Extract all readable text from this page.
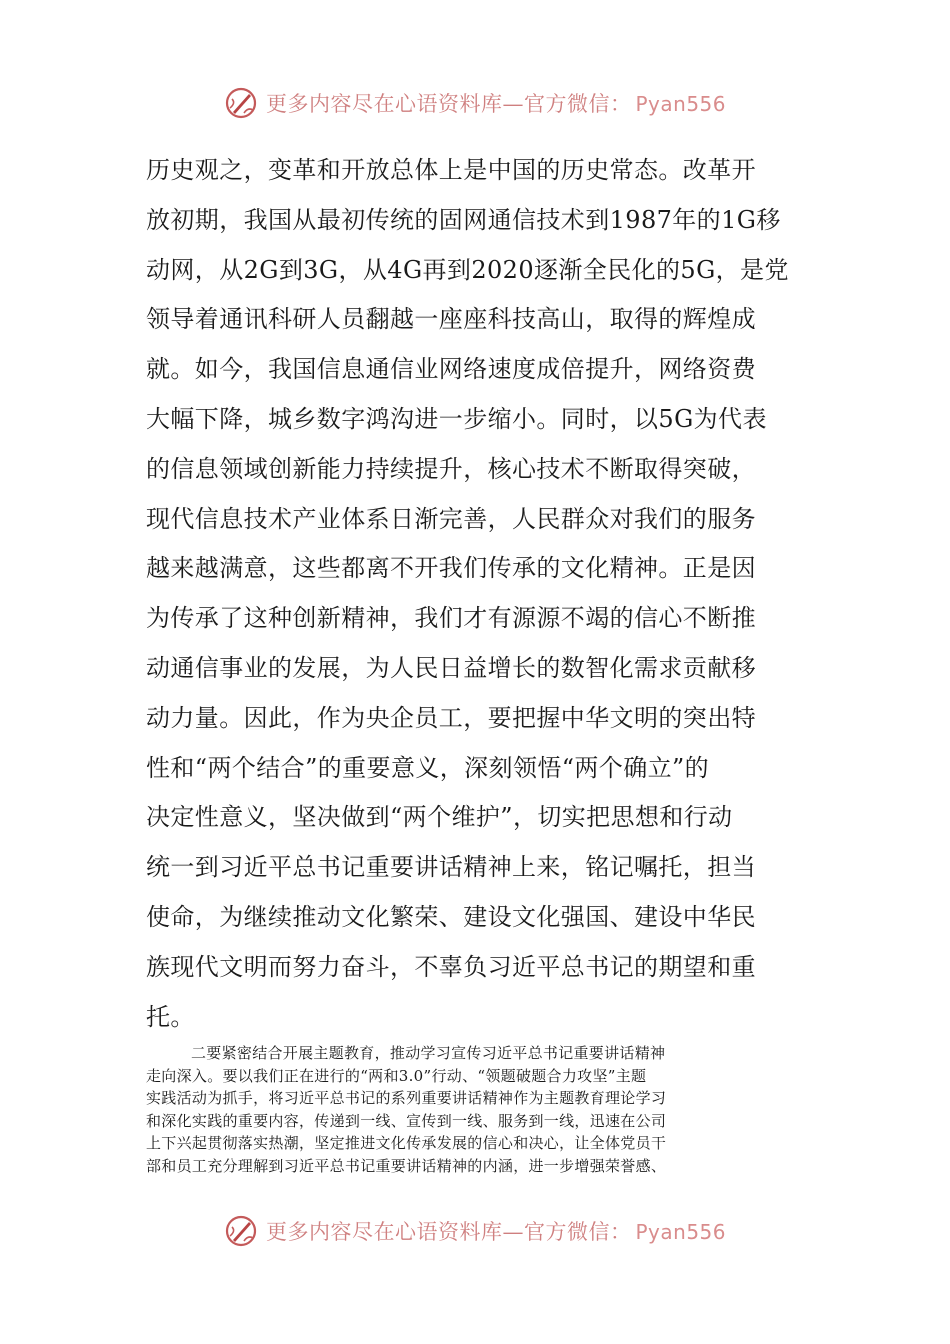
更多内容尽在心语资料库—官方微信： Pyan556
历史观之，变革和开放总体上是中国的历史常态。改革开
放初期，我国从最初传统的固网通信技术到1987年的1G移
动网，从2G到3G，从4G再到2020逐渐全民化的5G，是党
领导着通讯科研人员翻越一座座科技高山，取得的辉煌成
就。如今，我国信息通信业网络速度成倍提升，网络资费
大幅下降，城乡数字鸿沟进一步缩小。同时，以5G为代表
的信息领域创新能力持续提升，核心技术不断取得突破，
现代信息技术产业体系日渐完善，人民群众对我们的服务
越来越满意，这些都离不开我们传承的文化精神。正是因
为传承了这种创新精神，我们才有源源不竭的信心不断推
动通信事业的发展，为人民日益增长的数智化需求贡献移
动力量。因此，作为央企员工，要把握中华文明的突出特
性和“两个结合”的重要意义，深刻领悟“两个确立”的
决定性意义，坚决做到“两个维护”，切实把思想和行动
统一到习近平总书记重要讲话精神上来，铭记嘱托，担当
使命，为继续推动文化繁荣、建设文化强国、建设中华民
族现代文明而努力奋斗，不辜负习近平总书记的期望和重
托。
二要紧密结合开展主题教育，推动学习宣传习近平总书记重要讲话精神
走向深入。要以我们正在进行的“两和3.0”行动、“领题破题合力攻坚”主题
实践活动为抓手，将习近平总书记的系列重要讲话精神作为主题教育理论学习
和深化实践的重要内容，传递到一线、宣传到一线、服务到一线，迅速在公司
上下兴起贯彻落实热潮，坚定推进文化传承发展的信心和决心，让全体党员干
部和员工充分理解到习近平总书记重要讲话精神的内涵，进一步增强荣誉感、
更多内容尽在心语资料库—官方微信： Pyan556
